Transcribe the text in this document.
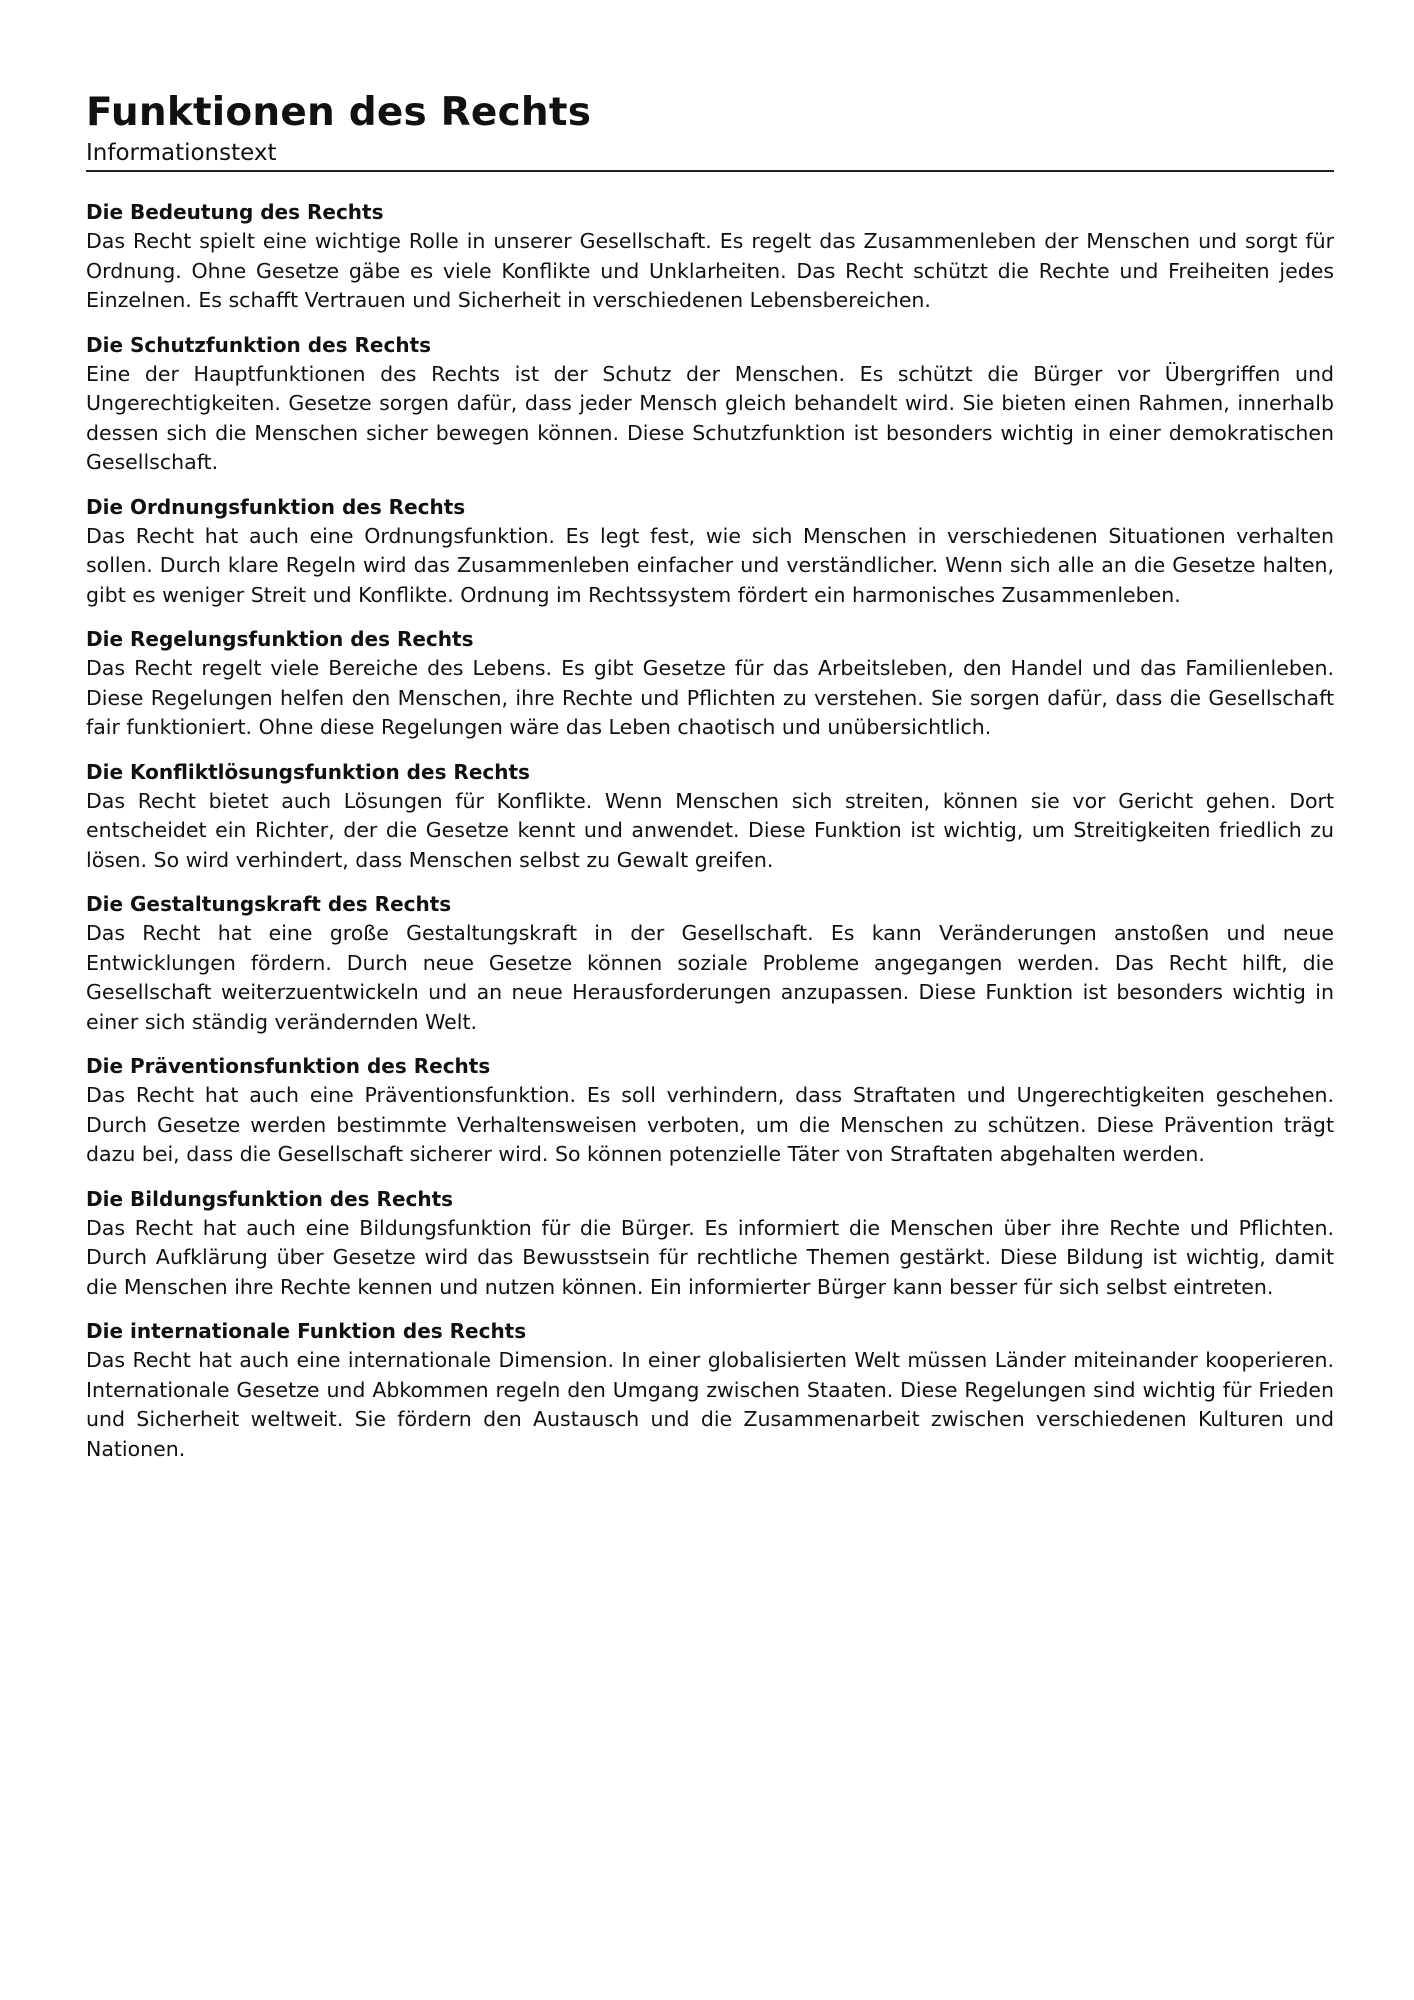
Funktionen des Rechts
Informationstext
Die Bedeutung des Rechts

Das Recht spielt eine wichtige Rolle in unserer Gesellschaft. Es regelt das Zusammenleben der Menschen und sorgt für Ordnung. Ohne Gesetze gäbe es viele Konflikte und Unklarheiten. Das Recht schützt die Rechte und Freiheiten jedes Einzelnen. Es schafft Vertrauen und Sicherheit in verschiedenen Lebensbereichen.

Die Schutzfunktion des Rechts

Eine der Hauptfunktionen des Rechts ist der Schutz der Menschen. Es schützt die Bürger vor Übergriffen und Ungerechtigkeiten. Gesetze sorgen dafür, dass jeder Mensch gleich behandelt wird. Sie bieten einen Rahmen, innerhalb dessen sich die Menschen sicher bewegen können. Diese Schutzfunktion ist besonders wichtig in einer demokratischen Gesellschaft.

Die Ordnungsfunktion des Rechts

Das Recht hat auch eine Ordnungsfunktion. Es legt fest, wie sich Menschen in verschiedenen Situationen verhalten sollen. Durch klare Regeln wird das Zusammenleben einfacher und verständlicher. Wenn sich alle an die Gesetze halten, gibt es weniger Streit und Konflikte. Ordnung im Rechtssystem fördert ein harmonisches Zusammenleben.

Die Regelungsfunktion des Rechts

Das Recht regelt viele Bereiche des Lebens. Es gibt Gesetze für das Arbeitsleben, den Handel und das Familienleben. Diese Regelungen helfen den Menschen, ihre Rechte und Pflichten zu verstehen. Sie sorgen dafür, dass die Gesellschaft fair funktioniert. Ohne diese Regelungen wäre das Leben chaotisch und unübersichtlich.

Die Konfliktlösungsfunktion des Rechts

Das Recht bietet auch Lösungen für Konflikte. Wenn Menschen sich streiten, können sie vor Gericht gehen. Dort entscheidet ein Richter, der die Gesetze kennt und anwendet. Diese Funktion ist wichtig, um Streitigkeiten friedlich zu lösen. So wird verhindert, dass Menschen selbst zu Gewalt greifen.

Die Gestaltungskraft des Rechts

Das Recht hat eine große Gestaltungskraft in der Gesellschaft. Es kann Veränderungen anstoßen und neue Entwicklungen fördern. Durch neue Gesetze können soziale Probleme angegangen werden. Das Recht hilft, die Gesellschaft weiterzuentwickeln und an neue Herausforderungen anzupassen. Diese Funktion ist besonders wichtig in einer sich ständig verändernden Welt.

Die Präventionsfunktion des Rechts

Das Recht hat auch eine Präventionsfunktion. Es soll verhindern, dass Straftaten und Ungerechtigkeiten geschehen. Durch Gesetze werden bestimmte Verhaltensweisen verboten, um die Menschen zu schützen. Diese Prävention trägt dazu bei, dass die Gesellschaft sicherer wird. So können potenzielle Täter von Straftaten abgehalten werden.

Die Bildungsfunktion des Rechts

Das Recht hat auch eine Bildungsfunktion für die Bürger. Es informiert die Menschen über ihre Rechte und Pflichten. Durch Aufklärung über Gesetze wird das Bewusstsein für rechtliche Themen gestärkt. Diese Bildung ist wichtig, damit die Menschen ihre Rechte kennen und nutzen können. Ein informierter Bürger kann besser für sich selbst eintreten.

Die internationale Funktion des Rechts

Das Recht hat auch eine internationale Dimension. In einer globalisierten Welt müssen Länder miteinander kooperieren. Internationale Gesetze und Abkommen regeln den Umgang zwischen Staaten. Diese Regelungen sind wichtig für Frieden und Sicherheit weltweit. Sie fördern den Austausch und die Zusammenarbeit zwischen verschiedenen Kulturen und Nationen.
